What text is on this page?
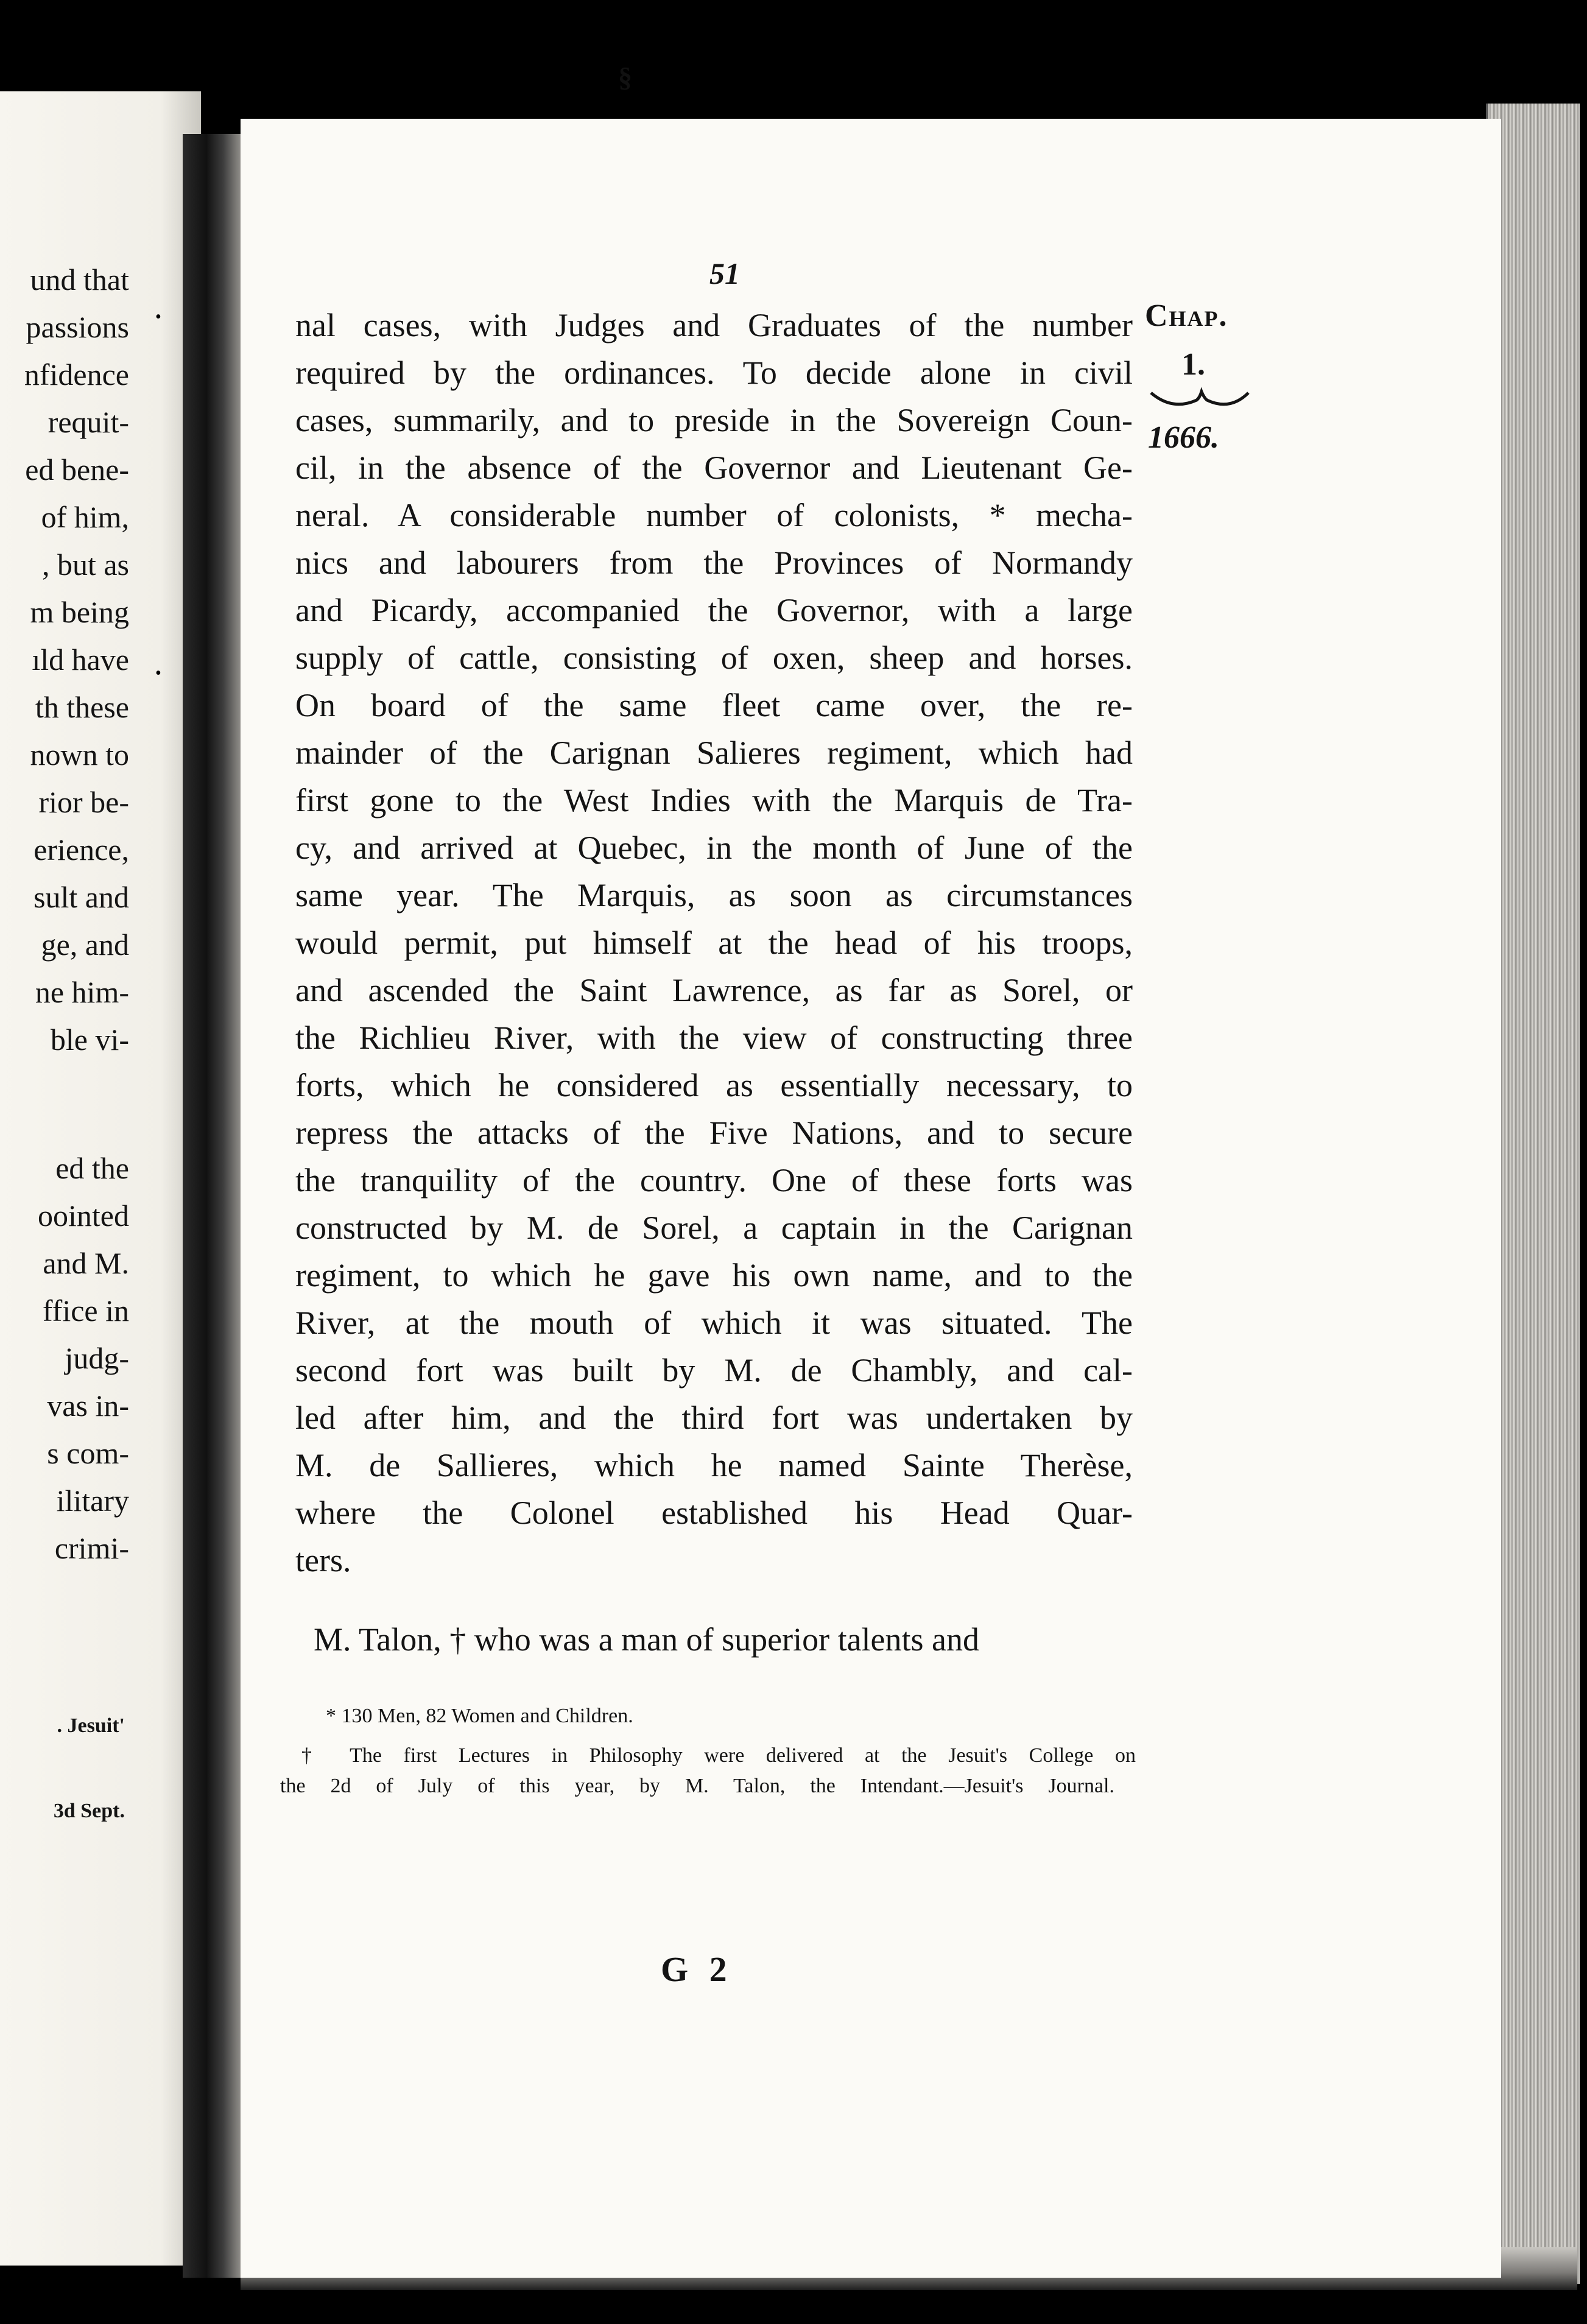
und that
passions
nfidence
requit-
ed bene-
of him,
, but as
m being
ıld have
th these
nown to
rior be-
erience,
sult and
ge, and
ne him-
ble vi-
ed the
oointed
and M.
ffice in
judg-
vas in-
s com-
ilitary
crimi-
. Jesuit'
3d Sept.
51
Chap.
1.
1666.
nal cases, with Judges and Graduates of the number
required by the ordinances. To decide alone in civil
cases, summarily, and to preside in the Sovereign Coun-
cil, in the absence of the Governor and Lieutenant Ge-
neral. A considerable number of colonists, * mecha-
nics and labourers from the Provinces of Normandy
and Picardy, accompanied the Governor, with a large
supply of cattle, consisting of oxen, sheep and horses.
On board of the same fleet came over, the re-
mainder of the Carignan Salieres regiment, which had
first gone to the West Indies with the Marquis de Tra-
cy, and arrived at Quebec, in the month of June of the
same year. The Marquis, as soon as circumstances
would permit, put himself at the head of his troops,
and ascended the Saint Lawrence, as far as Sorel, or
the Richlieu River, with the view of constructing three
forts, which he considered as essentially necessary, to
repress the attacks of the Five Nations, and to secure
the tranquility of the country. One of these forts was
constructed by M. de Sorel, a captain in the Carignan
regiment, to which he gave his own name, and to the
River, at the mouth of which it was situated. The
second fort was built by M. de Chambly, and cal-
led after him, and the third fort was undertaken by
M. de Sallieres, which he named Sainte Therèse,
where the Colonel established his Head Quar-
ters.
M. Talon, † who was a man of superior talents and
* 130 Men, 82 Women and Children.
† The first Lectures in Philosophy were delivered at the Jesuit's College on
the 2d of July of this year, by M. Talon, the Intendant.—Jesuit's Journal.
G 2
§
ǀ
•
•
